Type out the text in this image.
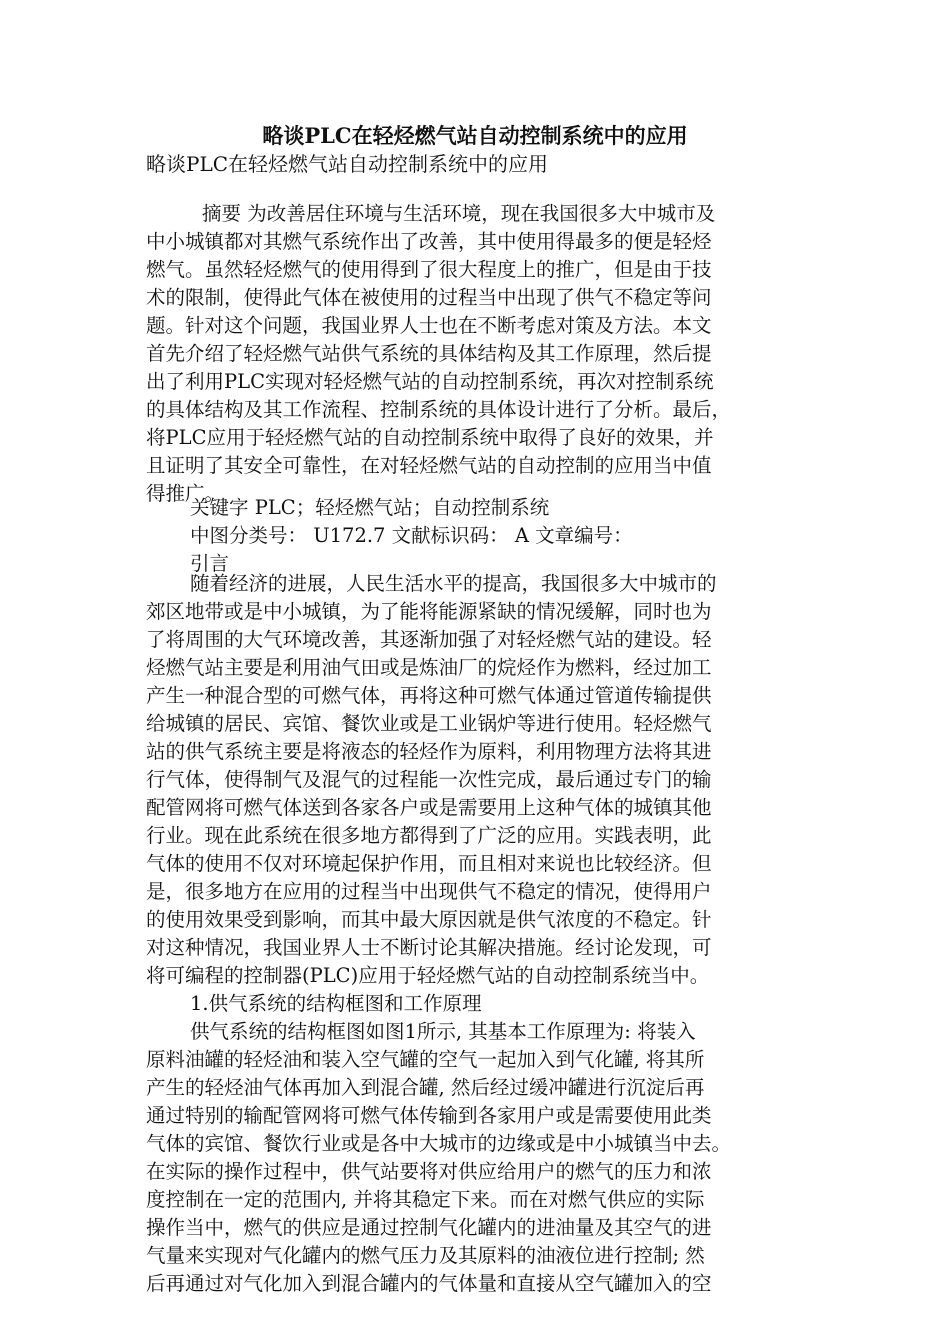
略谈PLC在轻烃燃气站自动控制系统中的应用
略谈PLC在轻烃燃气站自动控制系统中的应用
摘要 为改善居住环境与生活环境，现在我国很多大中城市及
中小城镇都对其燃气系统作出了改善，其中使用得最多的便是轻烃
燃气。虽然轻烃燃气的使用得到了很大程度上的推广，但是由于技
术的限制，使得此气体在被使用的过程当中出现了供气不稳定等问
题。针对这个问题，我国业界人士也在不断考虑对策及方法。本文
首先介绍了轻烃燃气站供气系统的具体结构及其工作原理，然后提
出了利用PLC实现对轻烃燃气站的自动控制系统，再次对控制系统
的具体结构及其工作流程、控制系统的具体设计进行了分析。最后，
将PLC应用于轻烃燃气站的自动控制系统中取得了良好的效果，并
且证明了其安全可靠性，在对轻烃燃气站的自动控制的应用当中值
得推广。
关键字 PLC；轻烃燃气站；自动控制系统
中图分类号： U172.7 文献标识码： A 文章编号：
引言
随着经济的进展，人民生活水平的提高，我国很多大中城市的
郊区地带或是中小城镇，为了能将能源紧缺的情况缓解，同时也为
了将周围的大气环境改善，其逐渐加强了对轻烃燃气站的建设。轻
烃燃气站主要是利用油气田或是炼油厂的烷烃作为燃料，经过加工
产生一种混合型的可燃气体，再将这种可燃气体通过管道传输提供
给城镇的居民、宾馆、餐饮业或是工业锅炉等进行使用。轻烃燃气
站的供气系统主要是将液态的轻烃作为原料，利用物理方法将其进
行气体，使得制气及混气的过程能一次性完成，最后通过专门的输
配管网将可燃气体送到各家各户或是需要用上这种气体的城镇其他
行业。现在此系统在很多地方都得到了广泛的应用。实践表明，此
气体的使用不仅对环境起保护作用，而且相对来说也比较经济。但
是，很多地方在应用的过程当中出现供气不稳定的情况，使得用户
的使用效果受到影响，而其中最大原因就是供气浓度的不稳定。针
对这种情况，我国业界人士不断讨论其解决措施。经讨论发现，可
将可编程的控制器(PLC)应用于轻烃燃气站的自动控制系统当中。
1.供气系统的结构框图和工作原理
供气系统的结构框图如图1所示, 其基本工作原理为: 将装入
原料油罐的轻烃油和装入空气罐的空气一起加入到气化罐, 将其所
产生的轻烃油气体再加入到混合罐, 然后经过缓冲罐进行沉淀后再
通过特别的输配管网将可燃气体传输到各家用户或是需要使用此类
气体的宾馆、餐饮行业或是各中大城市的边缘或是中小城镇当中去。
在实际的操作过程中，供气站要将对供应给用户的燃气的压力和浓
度控制在一定的范围内, 并将其稳定下来。而在对燃气供应的实际
操作当中，燃气的供应是通过控制气化罐内的进油量及其空气的进
气量来实现对气化罐内的燃气压力及其原料的油液位进行控制; 然
后再通过对气化加入到混合罐内的气体量和直接从空气罐加入的空
